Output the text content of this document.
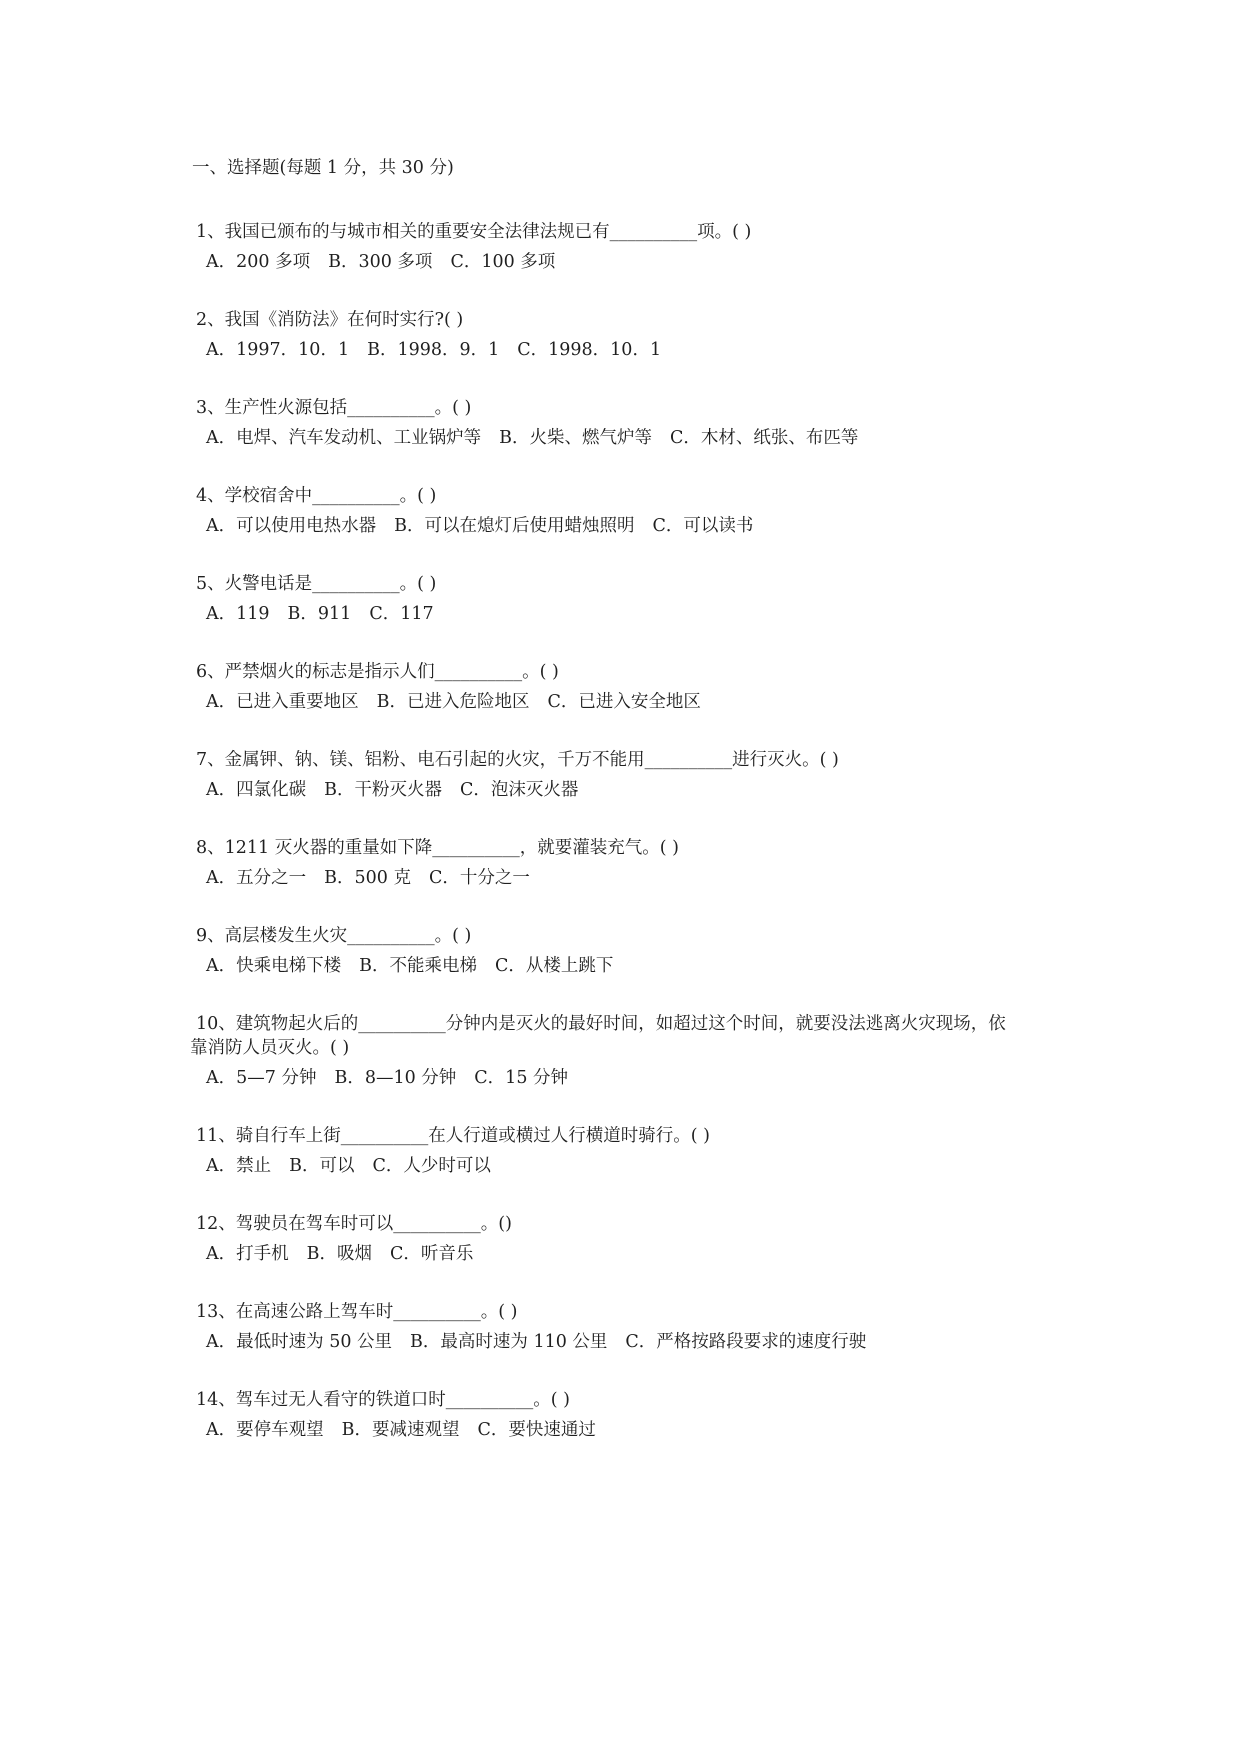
一、选择题(每题 1 分，共 30 分)
1、我国已颁布的与城市相关的重要安全法律法规已有__________项。( )
A．200 多项 B．300 多项 C．100 多项
2、我国《消防法》在何时实行?( )
A．1997．10．1 B．1998．9．1 C．1998．10．1
3、生产性火源包括__________。( )
A．电焊、汽车发动机、工业锅炉等 B．火柴、燃气炉等 C．木材、纸张、布匹等
4、学校宿舍中__________。( )
A．可以使用电热水器 B．可以在熄灯后使用蜡烛照明 C．可以读书
5、火警电话是__________。( )
A．119 B．911 C．117
6、严禁烟火的标志是指示人们__________。( )
A．已进入重要地区 B．已进入危险地区 C．已进入安全地区
7、金属钾、钠、镁、铝粉、电石引起的火灾，千万不能用__________进行灭火。( )
A．四氯化碳 B．干粉灭火器 C．泡沫灭火器
8、1211 灭火器的重量如下降__________，就要灌装充气。( )
A．五分之一 B．500 克 C．十分之一
9、高层楼发生火灾__________。( )
A．快乘电梯下楼 B．不能乘电梯 C．从楼上跳下
10、建筑物起火后的__________分钟内是灭火的最好时间，如超过这个时间，就要没法逃离火灾现场，依
靠消防人员灭火。( )
A．5—7 分钟 B．8—10 分钟 C．15 分钟
11、骑自行车上街__________在人行道或横过人行横道时骑行。( )
A．禁止 B．可以 C．人少时可以
12、驾驶员在驾车时可以__________。()
A．打手机 B．吸烟 C．听音乐
13、在高速公路上驾车时__________。( )
A．最低时速为 50 公里 B．最高时速为 110 公里 C．严格按路段要求的速度行驶
14、驾车过无人看守的铁道口时__________。( )
A．要停车观望 B．要减速观望 C．要快速通过
